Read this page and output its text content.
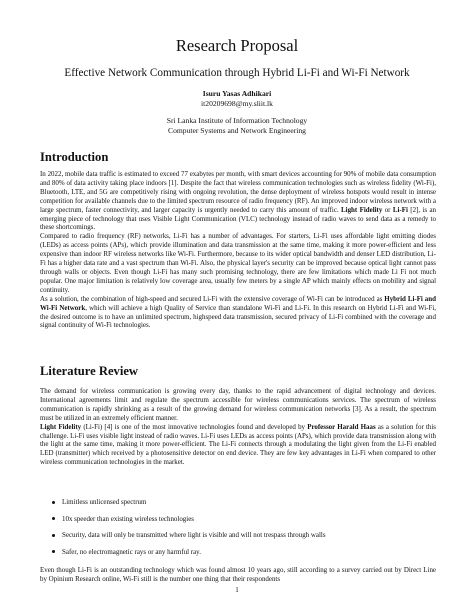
Research Proposal
Effective Network Communication through Hybrid Li-Fi and Wi-Fi Network
Isuru Yasas Adhikari
it20209698@my.sliit.lk
Sri Lanka Institute of Information Technology
Computer Systems and Network Engineering
Introduction

In 2022, mobile data traffic is estimated to exceed 77 exabytes per month, with smart devices accounting for 90% of mobile data consumption and 80% of data activity taking place indoors [1]. Despite the fact that wireless communication technologies such as wireless fidelity (Wi-Fi), Bluetooth, LTE, and 5G are competitively rising with ongoing revolution, the dense deployment of wireless hotspots would result in intense competition for available channels due to the limited spectrum resource of radio frequency (RF). An improved indoor wireless network with a large spectrum, faster connectivity, and larger capacity is urgently needed to carry this amount of traffic. Light Fidelity or Li-Fi [2], is an emerging piece of technology that uses Visible Light Communication (VLC) technology instead of radio waves to send data as a remedy to these shortcomings.

Compared to radio frequency (RF) networks, Li-Fi has a number of advantages. For starters, Li-Fi uses affordable light emitting diodes (LEDs) as access points (APs), which provide illumination and data transmission at the same time, making it more power-efficient and less expensive than indoor RF wireless networks like Wi-Fi. Furthermore, because to its wider optical bandwidth and denser LED distribution, Li-Fi has a higher data rate and a vast spectrum than Wi-Fi. Also, the physical layer's security can be improved because optical light cannot pass through walls or objects. Even though Li-Fi has many such promising technology, there are few limitations which made Li Fi not much popular. One major limitation is relatively low coverage area, usually few meters by a single AP which mainly effects on mobility and signal continuity.

As a solution, the combination of high-speed and secured Li-Fi with the extensive coverage of Wi-Fi can be introduced as Hybrid Li-Fi and Wi-Fi Network, which will achieve a high Quality of Service than standalone Wi-Fi and Li-Fi. In this research on Hybrid Li-Fi and Wi-Fi, the desired outcome is to have an unlimited spectrum, highspeed data transmission, secured privacy of Li-Fi combined with the coverage and signal continuity of Wi-Fi technologies.

Literature Review

The demand for wireless communication is growing every day, thanks to the rapid advancement of digital technology and devices. International agreements limit and regulate the spectrum accessible for wireless communications services. The spectrum of wireless communication is rapidly shrinking as a result of the growing demand for wireless communication networks [3]. As a result, the spectrum must be utilized in an extremely efficient manner.

Light Fidelity (Li-Fi) [4] is one of the most innovative technologies found and developed by Professor Harald Haas as a solution for this challenge. Li-Fi uses visible light instead of radio waves. Li-Fi uses LEDs as access points (APs), which provide data transmission along with the light at the same time, making it more power-efficient. The Li-Fi connects through a modulating the light given from the Li-Fi enabled LED (transmitter) which received by a photosensitive detector on end device. They are few key advantages in Li-Fi when compared to other wireless communication technologies in the market.

Limitless unlicensed spectrum
10x speeder than existing wireless technologies
Security, data will only be transmitted where light is visible and will not trespass through walls
Safer, no electromagnetic rays or any harmful ray.
Even though Li-Fi is an outstanding technology which was found almost 10 years ago, still according to a survey carried out by Direct Line by Opinium Research online, Wi-Fi still is the number one thing that their respondents
1
